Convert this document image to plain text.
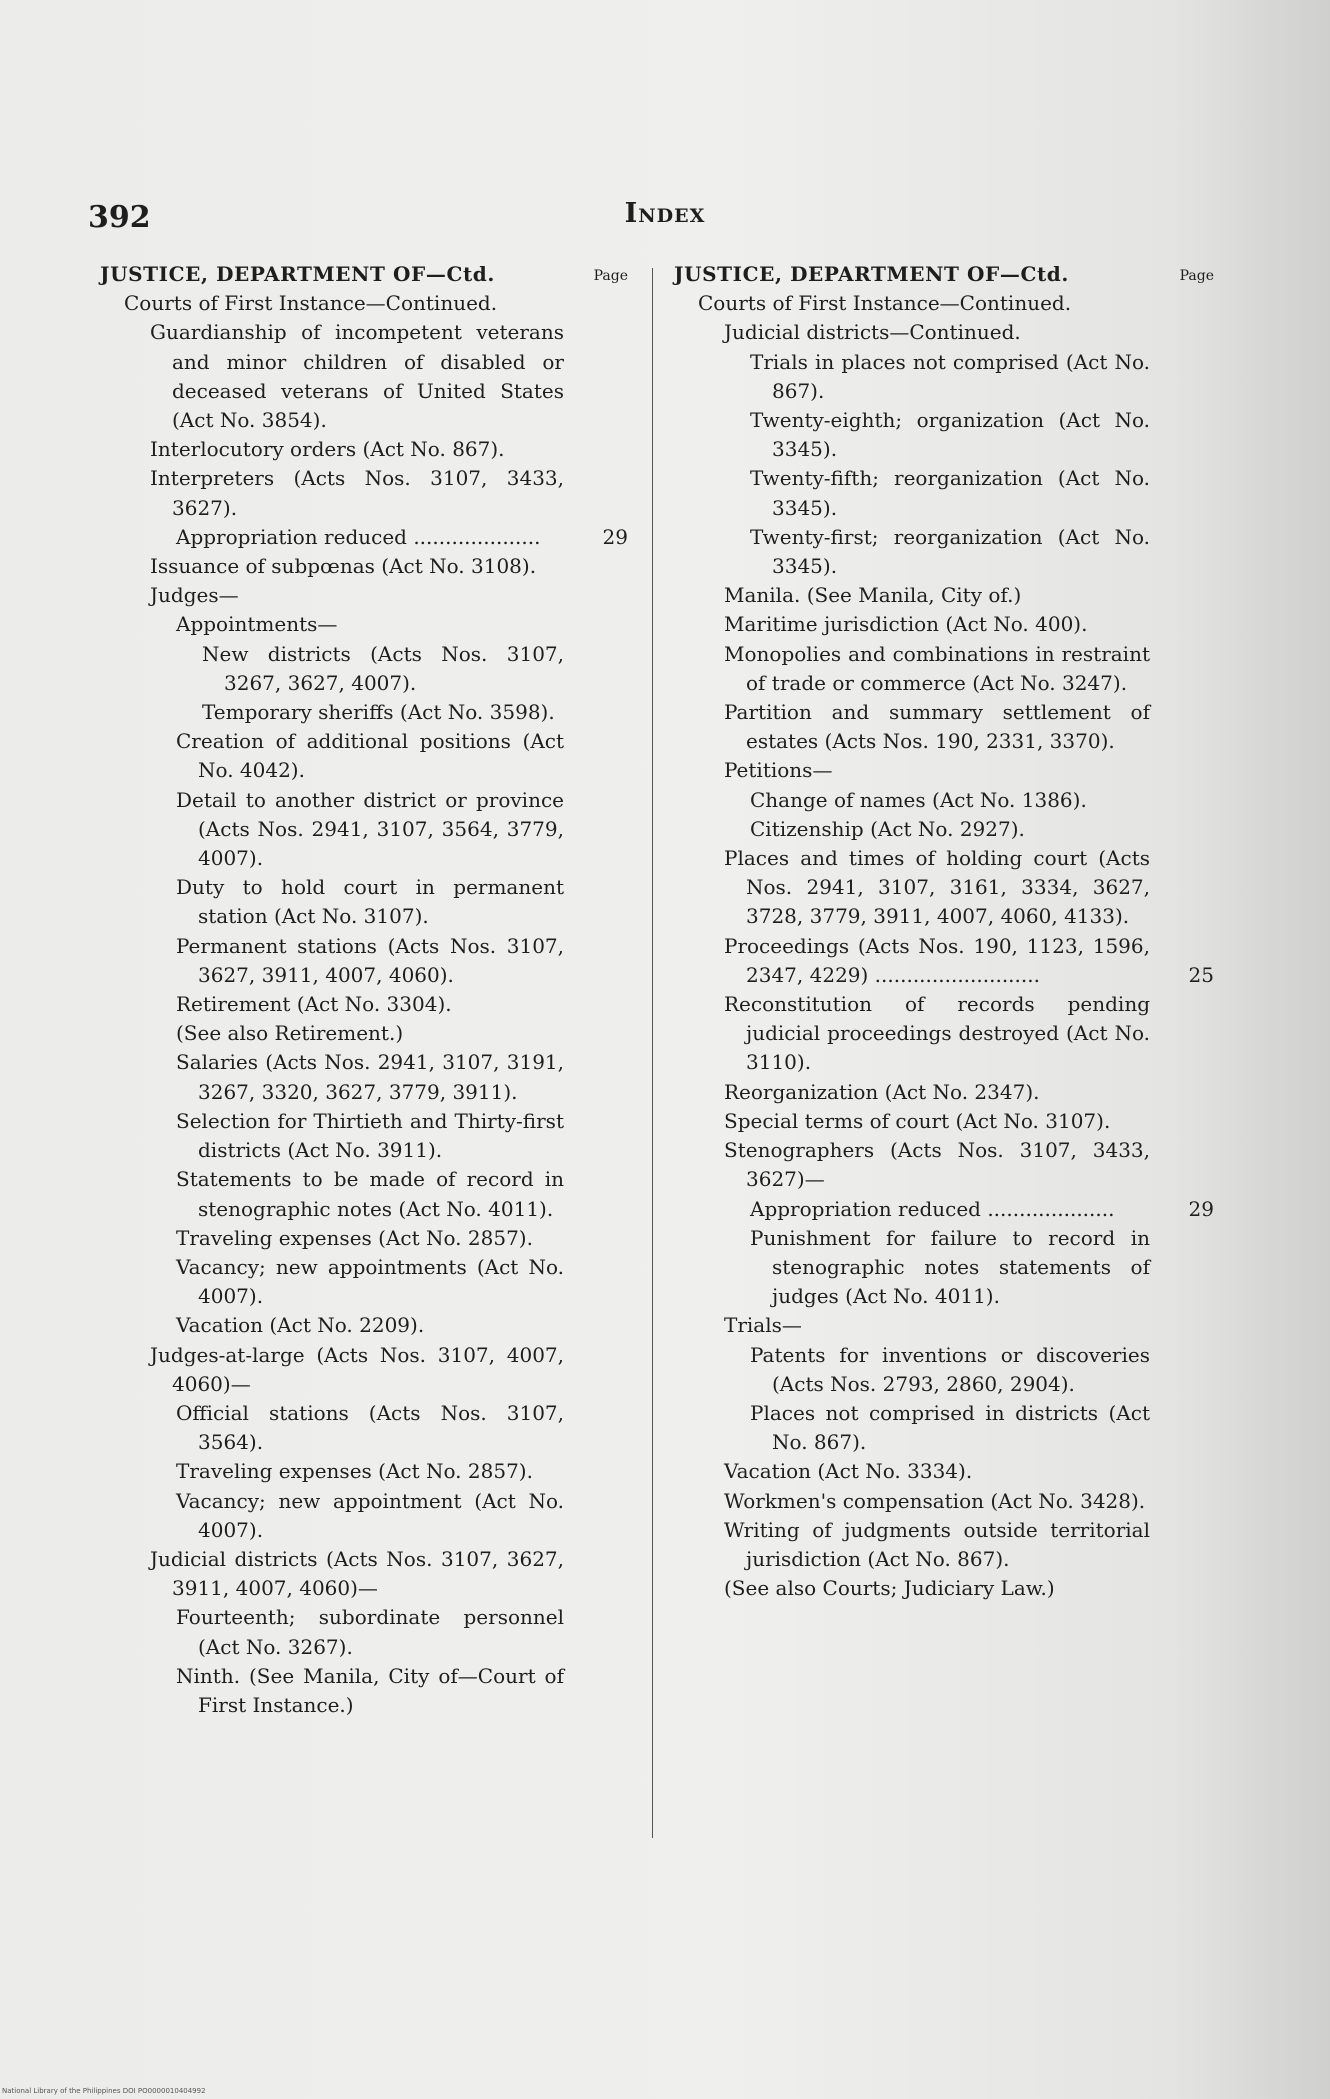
392	Index
JUSTICE, DEPARTMENT OF—Ctd.	Page
Courts of First Instance—Continued.
Guardianship of incompetent veterans and minor children of disabled or deceased veterans of United States (Act No. 3854).
Interlocutory orders (Act No. 867).
Interpreters (Acts Nos. 3107, 3433, 3627).
Appropriation reduced ....................	29
Issuance of subpœnas (Act No. 3108).
Judges—
Appointments—
New districts (Acts Nos. 3107, 3267, 3627, 4007).
Temporary sheriffs (Act No. 3598).
Creation of additional positions (Act No. 4042).
Detail to another district or province (Acts Nos. 2941, 3107, 3564, 3779, 4007).
Duty to hold court in permanent station (Act No. 3107).
Permanent stations (Acts Nos. 3107, 3627, 3911, 4007, 4060).
Retirement (Act No. 3304).
(See also Retirement.)
Salaries (Acts Nos. 2941, 3107, 3191, 3267, 3320, 3627, 3779, 3911).
Selection for Thirtieth and Thirty-first districts (Act No. 3911).
Statements to be made of record in stenographic notes (Act No. 4011).
Traveling expenses (Act No. 2857).
Vacancy; new appointments (Act No. 4007).
Vacation (Act No. 2209).
Judges-at-large (Acts Nos. 3107, 4007, 4060)—
Official stations (Acts Nos. 3107, 3564).
Traveling expenses (Act No. 2857).
Vacancy; new appointment (Act No. 4007).
Judicial districts (Acts Nos. 3107, 3627, 3911, 4007, 4060)—
Fourteenth; subordinate personnel (Act No. 3267).
Ninth. (See Manila, City of—Court of First Instance.)
JUSTICE, DEPARTMENT OF—Ctd.	Page
Courts of First Instance—Continued.
Judicial districts—Continued.
Trials in places not comprised (Act No. 867).
Twenty-eighth; organization (Act No. 3345).
Twenty-fifth; reorganization (Act No. 3345).
Twenty-first; reorganization (Act No. 3345).
Manila. (See Manila, City of.)
Maritime jurisdiction (Act No. 400).
Monopolies and combinations in restraint of trade or commerce (Act No. 3247).
Partition and summary settlement of estates (Acts Nos. 190, 2331, 3370).
Petitions—
Change of names (Act No. 1386).
Citizenship (Act No. 2927).
Places and times of holding court (Acts Nos. 2941, 3107, 3161, 3334, 3627, 3728, 3779, 3911, 4007, 4060, 4133).
Proceedings (Acts Nos. 190, 1123, 1596, 2347, 4229) ..........................	25
Reconstitution of records pending judicial proceedings destroyed (Act No. 3110).
Reorganization (Act No. 2347).
Special terms of court (Act No. 3107).
Stenographers (Acts Nos. 3107, 3433, 3627)—
Appropriation reduced ....................	29
Punishment for failure to record in stenographic notes statements of judges (Act No. 4011).
Trials—
Patents for inventions or discoveries (Acts Nos. 2793, 2860, 2904).
Places not comprised in districts (Act No. 867).
Vacation (Act No. 3334).
Workmen's compensation (Act No. 3428).
Writing of judgments outside territorial jurisdiction (Act No. 867).
(See also Courts; Judiciary Law.)
National Library of the Philippines DOI PO0000010404992
